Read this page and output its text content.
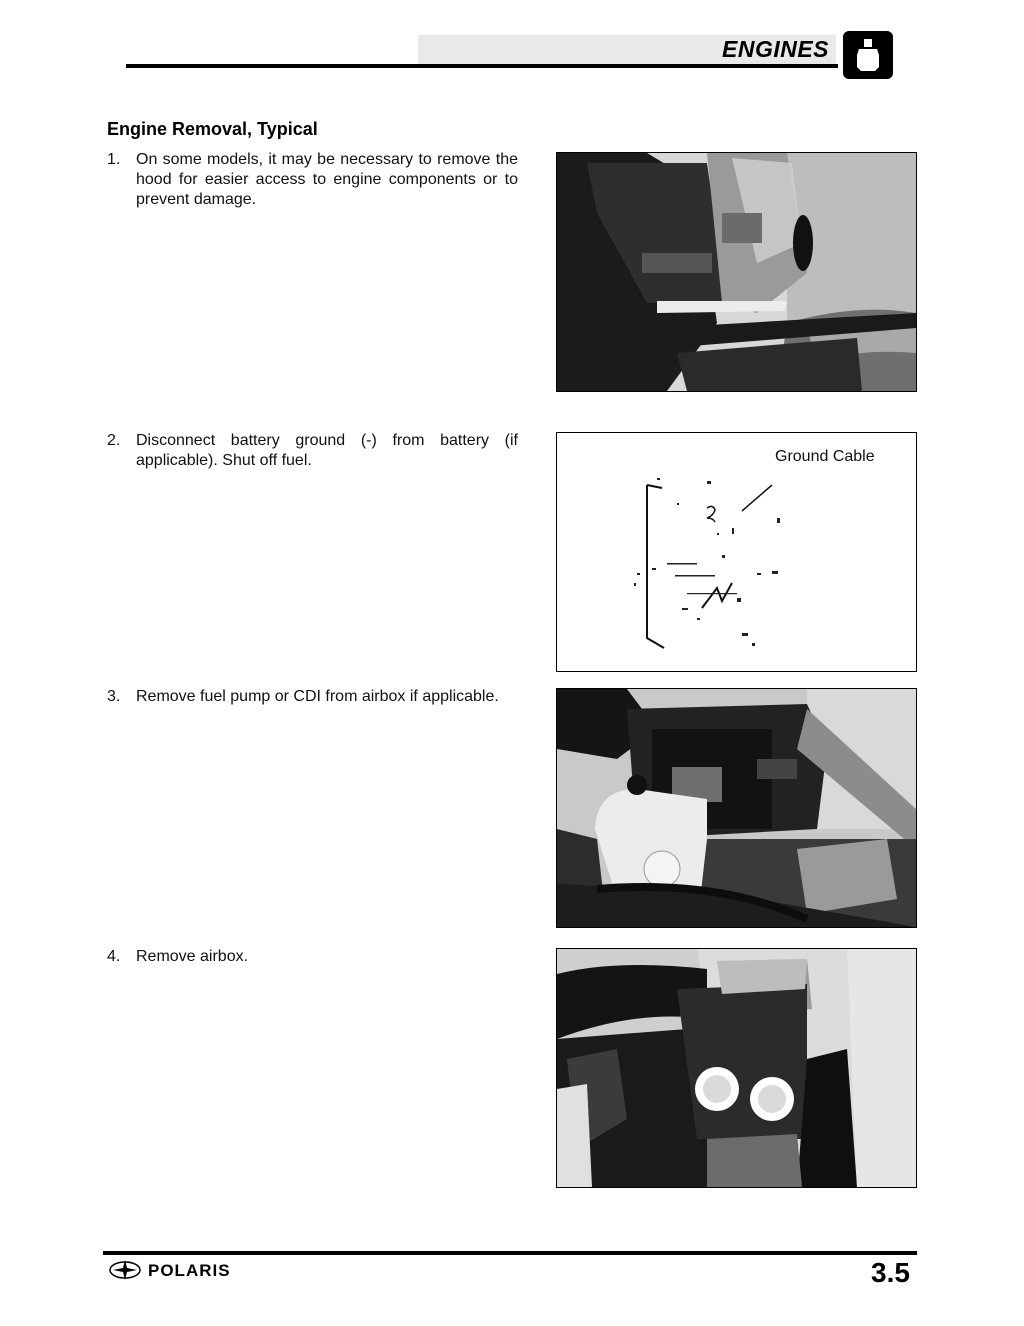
ENGINES
Engine Removal, Typical
1. On some models, it may be necessary to remove the hood for easier access to engine components or to prevent damage.
2. Disconnect battery ground (-) from battery (if applicable). Shut off fuel.	Ground Cable
3. Remove fuel pump or CDI from airbox if applicable.
4. Remove airbox.
POLARIS	3.5
